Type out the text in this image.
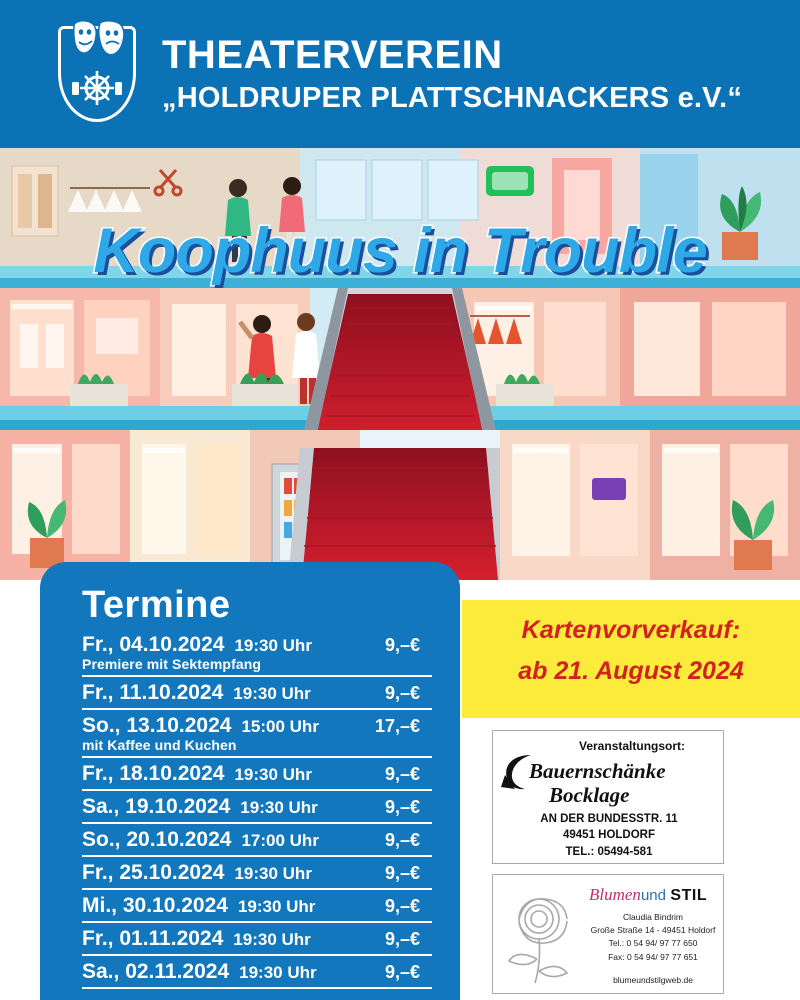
THEATERVEREIN
„HOLDRUPER PLATTSCHNACKERS e.V.“
Koophuus in Trouble
Termine
Fr., 04.10.2024 19:30 Uhr	9,–€
Premiere mit Sektempfang
Fr., 11.10.2024 19:30 Uhr	9,–€
So., 13.10.2024 15:00 Uhr	17,–€
mit Kaffee und Kuchen
Fr., 18.10.2024 19:30 Uhr	9,–€
Sa., 19.10.2024 19:30 Uhr	9,–€
So., 20.10.2024 17:00 Uhr	9,–€
Fr., 25.10.2024 19:30 Uhr	9,–€
Mi., 30.10.2024 19:30 Uhr	9,–€
Fr., 01.11.2024 19:30 Uhr	9,–€
Sa., 02.11.2024 19:30 Uhr	9,–€
Kartenvorverkauf:
ab 21. August 2024
Veranstaltungsort:
Bauernschänke
Bocklage
AN DER BUNDESSTR. 11
49451 HOLDORF
TEL.: 05494-581
Blumenund STIL
Claudia Bindrim
Große Straße 14 - 49451 Holdorf
Tel.: 0 54 94/ 97 77 650
Fax: 0 54 94/ 97 77 651
blumeundstilgweb.de
